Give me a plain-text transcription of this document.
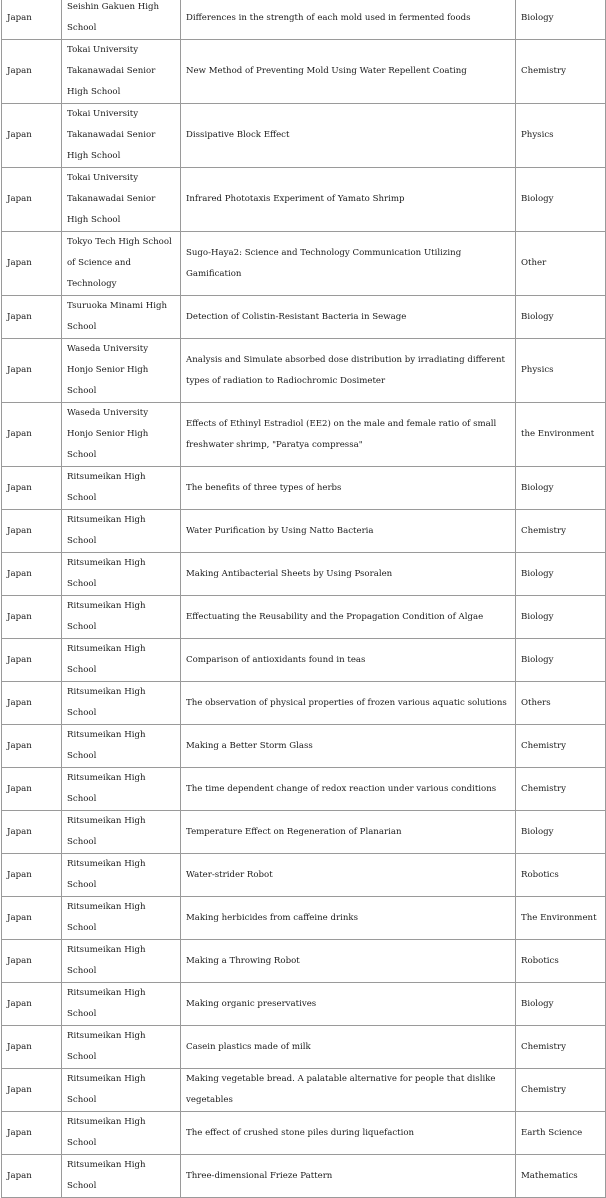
Japan	Seishin Gakuen High School	Differences in the strength of each mold used in fermented foods	Biology
Japan	Tokai University Takanawadai Senior High School	New Method of Preventing Mold Using Water Repellent Coating	Chemistry
Japan	Tokai University Takanawadai Senior High School	Dissipative Block Effect	Physics
Japan	Tokai University Takanawadai Senior High School	Infrared Phototaxis Experiment of Yamato Shrimp	Biology
Japan	Tokyo Tech High School of Science and Technology	Sugo-Haya2: Science and Technology Communication Utilizing Gamification	Other
Japan	Tsuruoka Minami High School	Detection of Colistin-Resistant Bacteria in Sewage	Biology
Japan	Waseda University Honjo Senior High School	Analysis and Simulate absorbed dose distribution by irradiating different types of radiation to Radiochromic Dosimeter	Physics
Japan	Waseda University Honjo Senior High School	Effects of Ethinyl Estradiol (EE2) on the male and female ratio of small freshwater shrimp, "Paratya compressa"	the Environment
Japan	Ritsumeikan High School	The benefits of three types of herbs	Biology
Japan	Ritsumeikan High School	Water Purification by Using Natto Bacteria	Chemistry
Japan	Ritsumeikan High School	Making Antibacterial Sheets by Using Psoralen	Biology
Japan	Ritsumeikan High School	Effectuating the Reusability and the Propagation Condition of Algae	Biology
Japan	Ritsumeikan High School	Comparison of antioxidants found in teas	Biology
Japan	Ritsumeikan High School	The observation of physical properties of frozen various aquatic solutions	Others
Japan	Ritsumeikan High School	Making a Better Storm Glass	Chemistry
Japan	Ritsumeikan High School	The time dependent change of redox reaction under various conditions	Chemistry
Japan	Ritsumeikan High School	Temperature Effect on Regeneration of Planarian	Biology
Japan	Ritsumeikan High School	Water-strider Robot	Robotics
Japan	Ritsumeikan High School	Making herbicides from caffeine drinks	The Environment
Japan	Ritsumeikan High School	Making a Throwing Robot	Robotics
Japan	Ritsumeikan High School	Making organic preservatives	Biology
Japan	Ritsumeikan High School	Casein plastics made of milk	Chemistry
Japan	Ritsumeikan High School	Making vegetable bread. A palatable alternative for people that dislike vegetables	Chemistry
Japan	Ritsumeikan High School	The effect of crushed stone piles during liquefaction	Earth Science
Japan	Ritsumeikan High School	Three-dimensional Frieze Pattern	Mathematics
